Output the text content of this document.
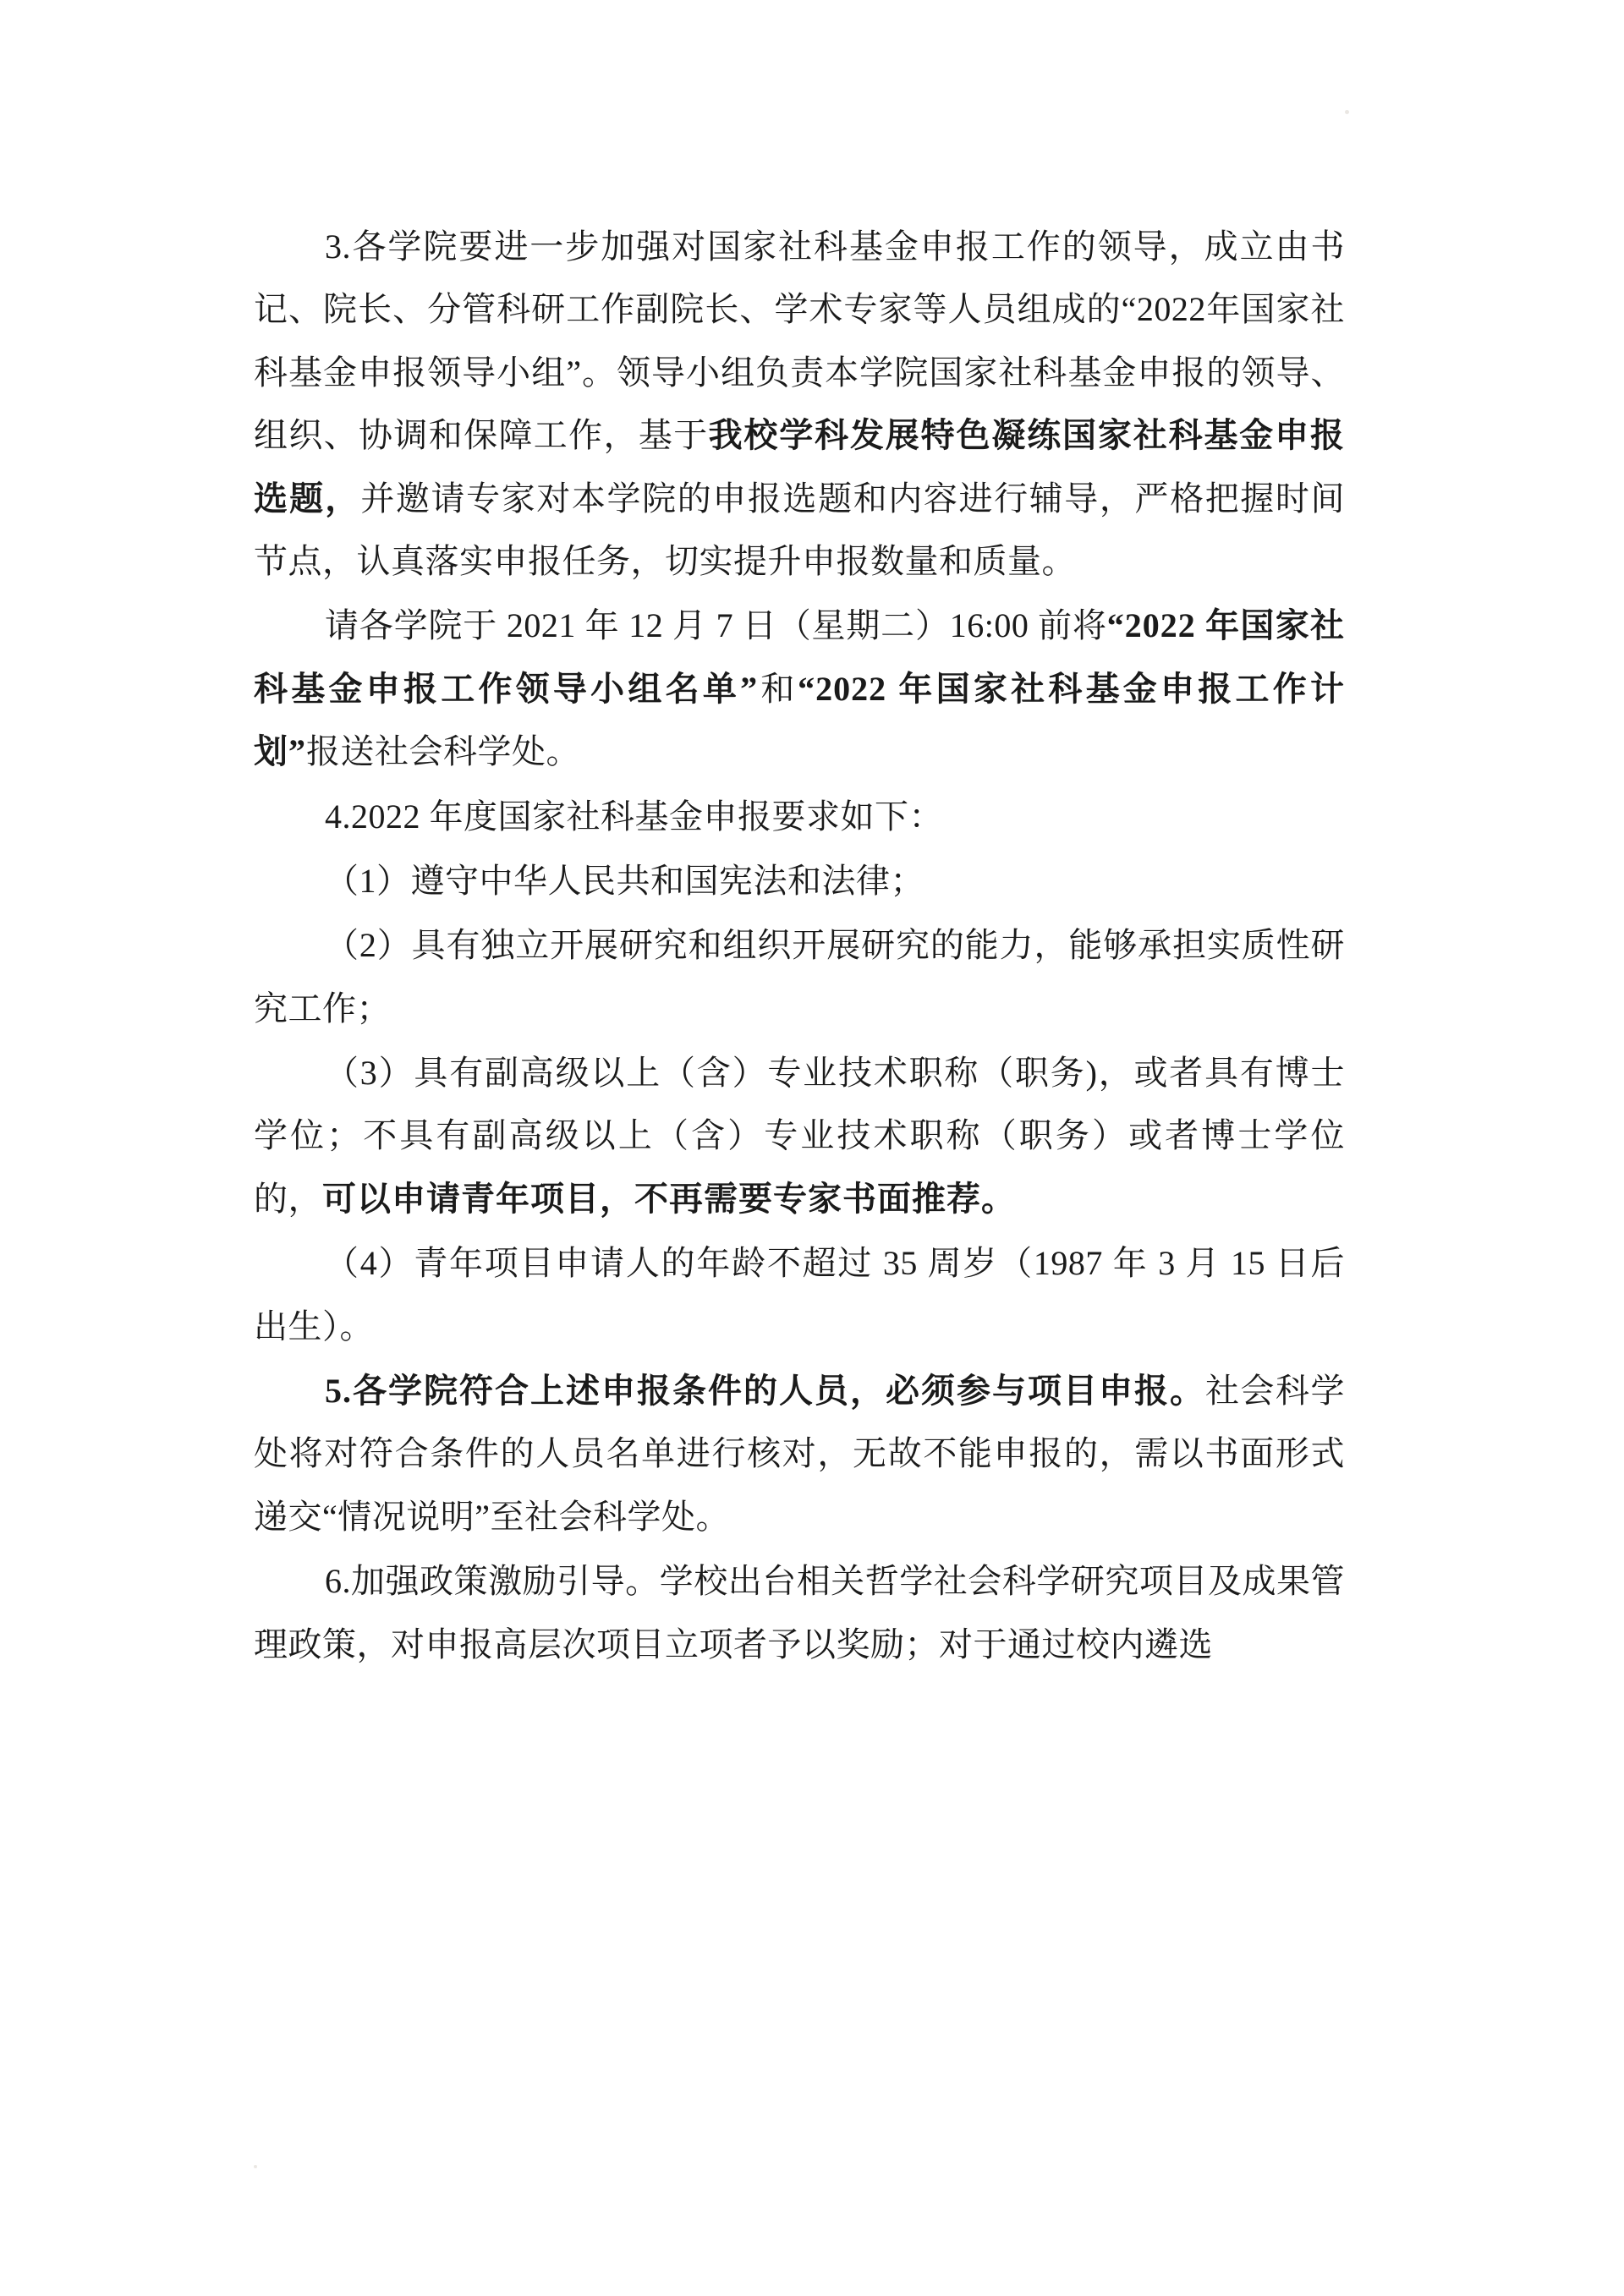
3.各学院要进一步加强对国家社科基金申报工作的领导，成立由书记、院长、分管科研工作副院长、学术专家等人员组成的“2022年国家社科基金申报领导小组”。领导小组负责本学院国家社科基金申报的领导、组织、协调和保障工作，基于我校学科发展特色凝练国家社科基金申报选题，并邀请专家对本学院的申报选题和内容进行辅导，严格把握时间节点，认真落实申报任务，切实提升申报数量和质量。

请各学院于 2021 年 12 月 7 日（星期二）16:00 前将“2022 年国家社科基金申报工作领导小组名单”和“2022 年国家社科基金申报工作计划”报送社会科学处。

4.2022 年度国家社科基金申报要求如下：

（1）遵守中华人民共和国宪法和法律；

（2）具有独立开展研究和组织开展研究的能力，能够承担实质性研究工作；

（3）具有副高级以上（含）专业技术职称（职务)，或者具有博士学位；不具有副高级以上（含）专业技术职称（职务）或者博士学位的，可以申请青年项目，不再需要专家书面推荐。

（4）青年项目申请人的年龄不超过 35 周岁（1987 年 3 月 15 日后出生）。

5.各学院符合上述申报条件的人员，必须参与项目申报。社会科学处将对符合条件的人员名单进行核对，无故不能申报的，需以书面形式递交“情况说明”至社会科学处。

6.加强政策激励引导。学校出台相关哲学社会科学研究项目及成果管理政策，对申报高层次项目立项者予以奖励；对于通过校内遴选
